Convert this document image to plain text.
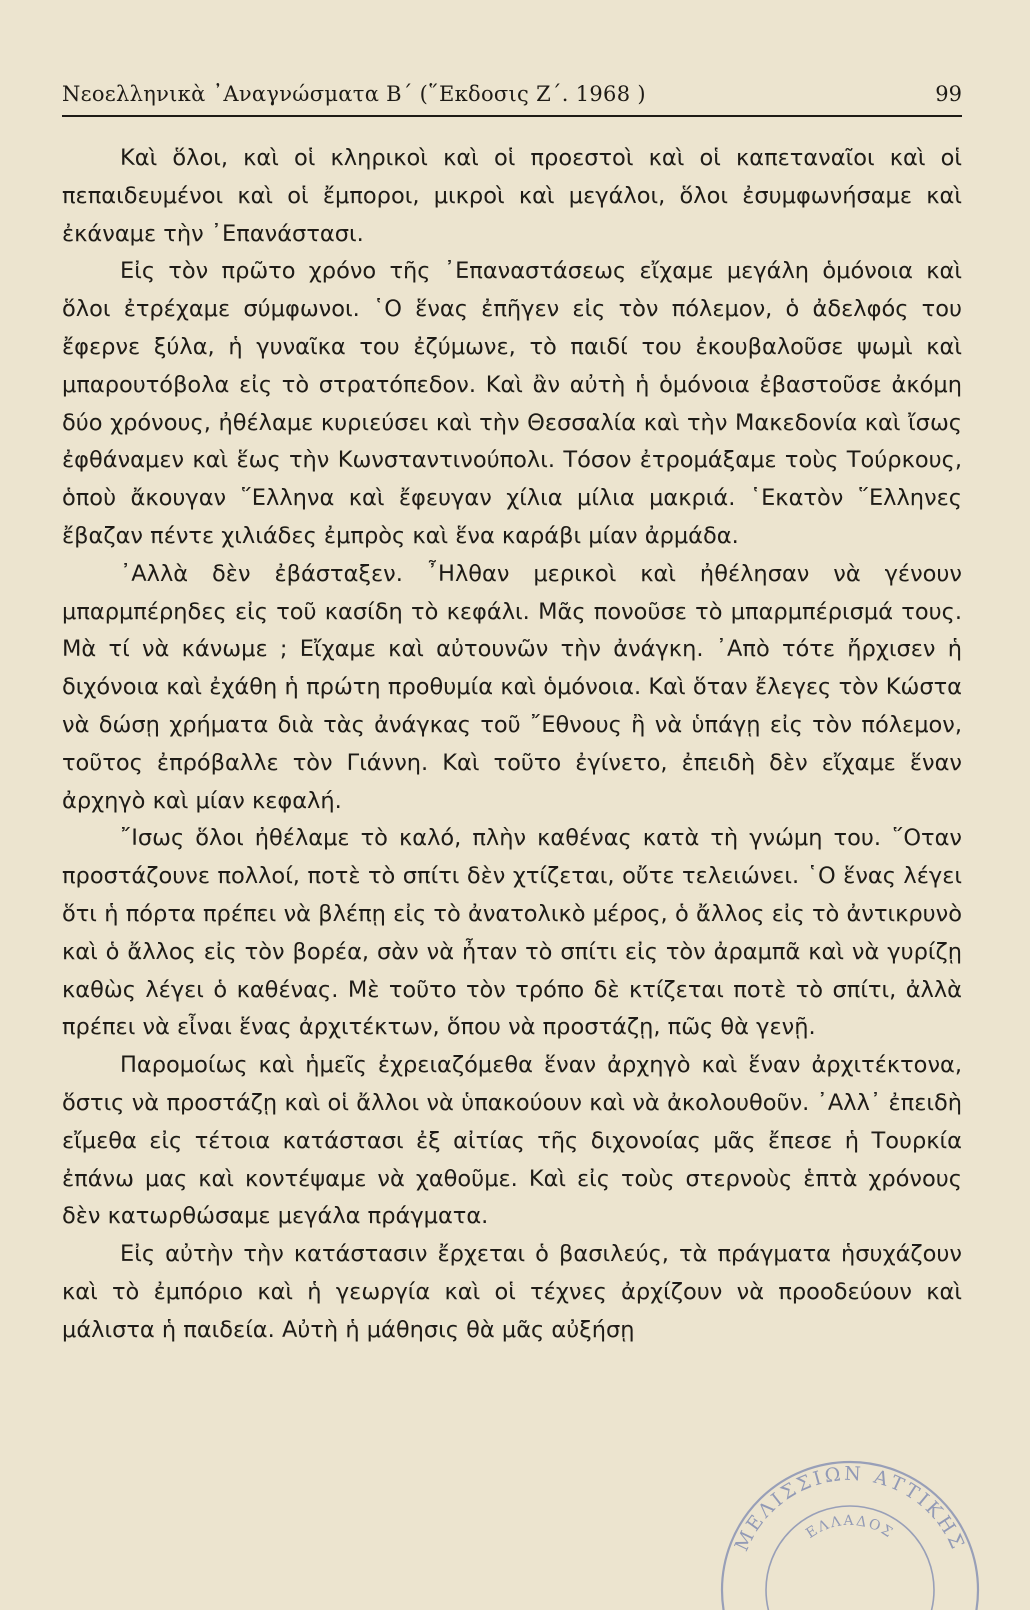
Νεοελληνικὰ ᾿Αναγνώσματα Β΄ (῞Εκδοσις Ζ΄. 1968 )	99

Καὶ ὅλοι, καὶ οἱ κληρικοὶ καὶ οἱ προεστοὶ καὶ οἱ καπεταναῖοι καὶ οἱ πεπαιδευμένοι καὶ οἱ ἔμποροι, μικροὶ καὶ μεγάλοι, ὅλοι ἐσυμφωνήσαμε καὶ ἐκάναμε τὴν ᾿Επανάστασι.

Εἰς τὸν πρῶτο χρόνο τῆς ᾿Επαναστάσεως εἴχαμε μεγάλη ὁμόνοια καὶ ὅλοι ἐτρέχαμε σύμφωνοι. ῾Ο ἕνας ἐπῆγεν εἰς τὸν πόλεμον, ὁ ἀδελφός του ἔφερνε ξύλα, ἡ γυναῖκα του ἐζύμωνε, τὸ παιδί του ἐκουβαλοῦσε ψωμὶ καὶ μπαρουτόβολα εἰς τὸ στρατόπεδον. Καὶ ἂν αὐτὴ ἡ ὁμόνοια ἐβαστοῦσε ἀκόμη δύο χρόνους, ἠθέλαμε κυριεύσει καὶ τὴν Θεσσαλία καὶ τὴν Μακεδονία καὶ ἴσως ἐφθάναμεν καὶ ἕως τὴν Κωνσταντινούπολι. Τόσον ἐτρομάξαμε τοὺς Τούρκους, ὁποὺ ἄκουγαν ῞Ελληνα καὶ ἔφευγαν χίλια μίλια μακριά. ῾Εκατὸν ῞Ελληνες ἔβαζαν πέντε χιλιάδες ἐμπρὸς καὶ ἕνα καράβι μίαν ἀρμάδα.

᾿Αλλὰ δὲν ἐβάσταξεν. ῏Ηλθαν μερικοὶ καὶ ἠθέλησαν νὰ γένουν μπαρμπέρηδες εἰς τοῦ κασίδη τὸ κεφάλι. Μᾶς πονοῦσε τὸ μπαρμπέρισμά τους. Μὰ τί νὰ κάνωμε ; Εἴχαμε καὶ αὐτουνῶν τὴν ἀνάγκη. ᾿Απὸ τότε ἤρχισεν ἡ διχόνοια καὶ ἐχάθη ἡ πρώτη προθυμία καὶ ὁμόνοια. Καὶ ὅταν ἔλεγες τὸν Κώστα νὰ δώσῃ χρήματα διὰ τὰς ἀνάγκας τοῦ ῎Εθνους ἢ νὰ ὑπάγῃ εἰς τὸν πόλεμον, τοῦτος ἐπρόβαλλε τὸν Γιάννη. Καὶ τοῦτο ἐγίνετο, ἐπειδὴ δὲν εἴχαμε ἕναν ἀρχηγὸ καὶ μίαν κεφαλή.

῎Ισως ὅλοι ἠθέλαμε τὸ καλό, πλὴν καθένας κατὰ τὴ γνώμη του. ῞Οταν προστάζουνε πολλοί, ποτὲ τὸ σπίτι δὲν χτίζεται, οὔτε τελειώνει. ῾Ο ἕνας λέγει ὅτι ἡ πόρτα πρέπει νὰ βλέπῃ εἰς τὸ ἀνατολικὸ μέρος, ὁ ἄλλος εἰς τὸ ἀντικρυνὸ καὶ ὁ ἄλλος εἰς τὸν βορέα, σὰν νὰ ἦταν τὸ σπίτι εἰς τὸν ἀραμπᾶ καὶ νὰ γυρίζῃ καθὼς λέγει ὁ καθένας. Μὲ τοῦτο τὸν τρόπο δὲ κτίζεται ποτὲ τὸ σπίτι, ἀλλὰ πρέπει νὰ εἶναι ἕνας ἀρχιτέκτων, ὅπου νὰ προστάζῃ, πῶς θὰ γενῇ.

Παρομοίως καὶ ἡμεῖς ἐχρειαζόμεθα ἕναν ἀρχηγὸ καὶ ἕναν ἀρχιτέκτονα, ὅστις νὰ προστάζῃ καὶ οἱ ἄλλοι νὰ ὑπακούουν καὶ νὰ ἀκολουθοῦν. ᾿Αλλ᾿ ἐπειδὴ εἴμεθα εἰς τέτοια κατάστασι ἐξ αἰτίας τῆς διχονοίας μᾶς ἔπεσε ἡ Τουρκία ἐπάνω μας καὶ κοντέψαμε νὰ χαθοῦμε. Καὶ εἰς τοὺς στερνοὺς ἑπτὰ χρόνους δὲν κατωρθώσαμε μεγάλα πράγματα.

Εἰς αὐτὴν τὴν κατάστασιν ἔρχεται ὁ βασιλεύς, τὰ πράγματα ἡσυχάζουν καὶ τὸ ἐμπόριο καὶ ἡ γεωργία καὶ οἱ τέχνες ἀρχίζουν νὰ προοδεύουν καὶ μάλιστα ἡ παιδεία. Αὐτὴ ἡ μάθησις θὰ μᾶς αὐξήσῃ

ΜΕΛΙΣΣΙΩΝ ΑΤΤΙΚΗΣ
ΕΛΛΑΔΟΣ
